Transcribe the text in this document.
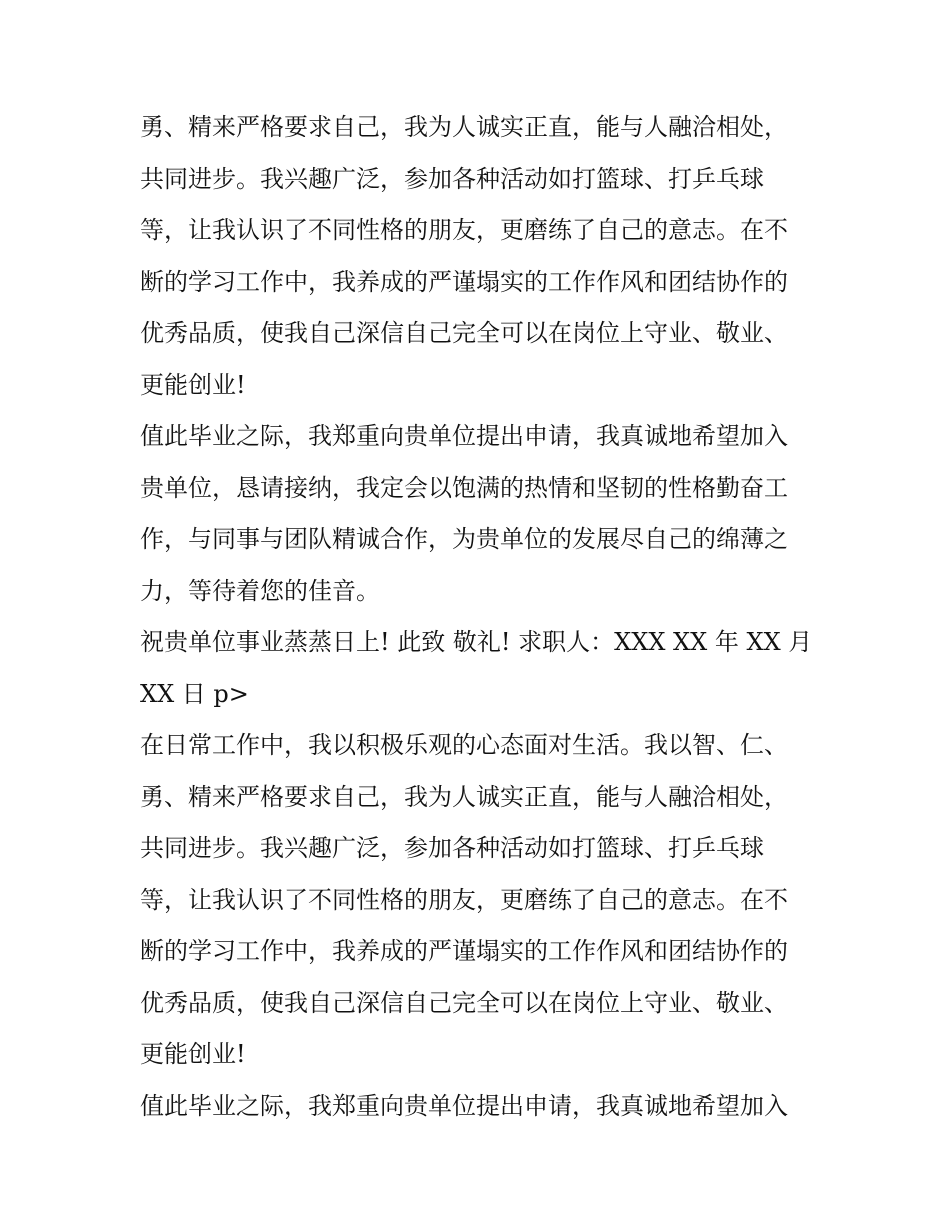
勇、精来严格要求自己，我为人诚实正直，能与人融洽相处，
共同进步。我兴趣广泛，参加各种活动如打篮球、打乒乓球
等，让我认识了不同性格的朋友，更磨练了自己的意志。在不
断的学习工作中，我养成的严谨塌实的工作作风和团结协作的
优秀品质，使我自己深信自己完全可以在岗位上守业、敬业、
更能创业!
值此毕业之际，我郑重向贵单位提出申请，我真诚地希望加入
贵单位，恳请接纳，我定会以饱满的热情和坚韧的性格勤奋工
作，与同事与团队精诚合作，为贵单位的发展尽自己的绵薄之
力，等待着您的佳音。
祝贵单位事业蒸蒸日上! 此致 敬礼! 求职人：XXX XX 年 XX 月
XX 日 p>
在日常工作中，我以积极乐观的心态面对生活。我以智、仁、
勇、精来严格要求自己，我为人诚实正直，能与人融洽相处，
共同进步。我兴趣广泛，参加各种活动如打篮球、打乒乓球
等，让我认识了不同性格的朋友，更磨练了自己的意志。在不
断的学习工作中，我养成的严谨塌实的工作作风和团结协作的
优秀品质，使我自己深信自己完全可以在岗位上守业、敬业、
更能创业!
值此毕业之际，我郑重向贵单位提出申请，我真诚地希望加入
